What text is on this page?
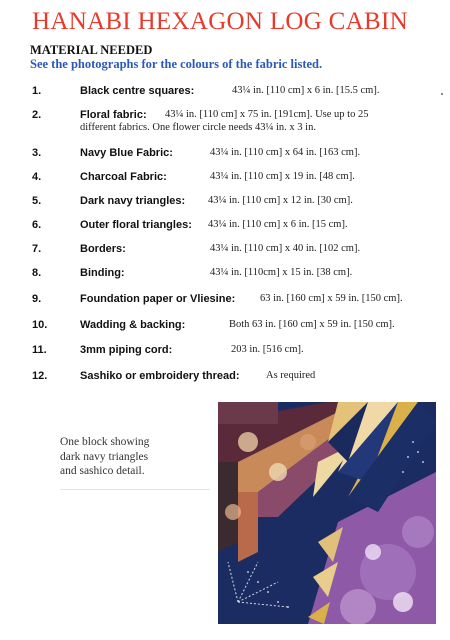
HANABI HEXAGON LOG CABIN
MATERIAL NEEDED
See the photographs for the colours of the fabric listed.
1.	Black centre squares:	43¼ in. [110 cm] x 6 in. [15.5 cm].
2.	Floral fabric: 43¼ in. [110 cm] x 75 in. [191cm]. Use up to 25
different fabrics. One flower circle needs 43¼ in. x 3 in.
3.	Navy Blue Fabric:	43¼ in. [110 cm] x 64 in. [163 cm].
4.	Charcoal Fabric:	43¼ in. [110 cm] x 19 in. [48 cm].
5.	Dark navy triangles: 43¼ in. [110 cm] x 12 in. [30 cm].
6.	Outer floral triangles: 43¼ in. [110 cm] x 6 in. [15 cm].
7.	Borders:	43¼ in. [110 cm] x 40 in. [102 cm].
8.	Binding:	43¼ in. [110cm] x 15 in. [38 cm].
9.	Foundation paper or Vliesine: 63 in. [160 cm] x 59 in. [150 cm].
10.	Wadding & backing:	Both 63 in. [160 cm] x 59 in. [150 cm].
11.	3mm piping cord:	203 in. [516 cm].
12.	Sashiko or embroidery thread:	As required
One block showing
dark navy triangles
and sashico detail.
